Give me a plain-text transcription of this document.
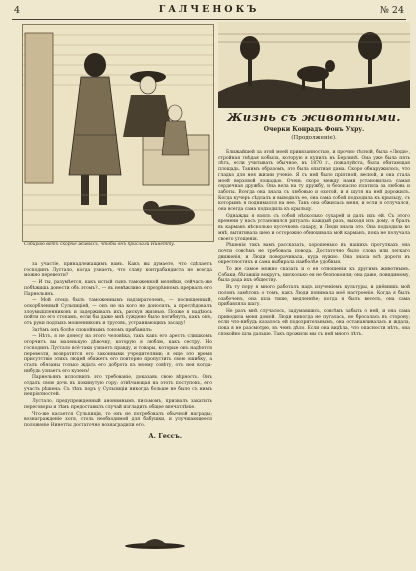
4	ГАЛЧЕНОКЪ	№ 24
Собираю вотъ скорѣе живыхъ, чтобы онъ прислали Нинетту.

за участіе, принадлежащимъ вамъ. Какъ вы думаете, что сдѣлаетъ господинъ Лустало, когда узнаетъ, что славу контрабандиста не всегда можно перевезти?

— И ты, разумѣется, какъ истый сынъ таможенной мелейки, сейчасъ-же побѣжишь донести объ этомъ?.. — въ невѣжливо и презрѣнномъ прервалъ его Парнельянъ.

— Мой отецъ былъ таможеннымъ надзирателемъ, — посвященный, оскорбленный Сульпиціей, — онъ не на кого не доносилъ, а преслѣдовалъ злоумышленниковъ и задерживалъ ихъ, рискуя жизнью. Позже я надѣюсь пойти по его стопамъ, если бы даже мнѣ суждено было погибнуть, какъ онъ, отъ руки подлыхъ мошенниковъ и трусовъ, устраивающихъ засаду!

Затѣмъ онъ болѣе спокойнымъ тономъ прибавилъ:

— Нѣтъ, я не донесу на этого человѣка, такъ какъ его арестъ слишкомъ огорчитъ вы маленькую дѣвочку, которую я люблю, какъ сестру. Но господинъ Лустало всё-таки узнаетъ правду, и товары, которые онъ надѣется перевезти, возвратятся его законными учредителями; я еще это время присутствіе этихъ людей обяжетъ его повторно пропустить свою ошибку, а сталъ обязаны только ждать его доброта къ моему совѣту, отъ нея когда-нибудь узнаетъ его кузенъ!

Парнельянъ исполнилъ это требованіе, доказавъ свою вѣрность. Онъ отдалъ свою дочь въ покинутую гору: отвѣчающая на этотъ поступокъ, его участь рѣшена. Съ тѣхъ поръ у Сульпиціи никогда больше не было съ нимъ непріятностей.

Лустало, предупрежденный анонимнымъ письмомъ, призвалъ закатить переговоры и тѣмъ предоставилъ случай изгладить общее впечатлѣніе.

Что-же касается Сульпиціи, то онъ не потребовалъ обычной награды; вознагражденіе хотя, столь необходимой для бабушки, и улучшающееся положеніе Нинетты достаточно вознаградили его.

А. Гессъ.
Жизнь съ животными.
Очерки Конрадъ Фонъ Ухру.
(Продолженіе).

Ближайшей за этой моей привязанностью, и прочно тѣсной, была «Люди», стройная гнѣдая кобыла, которую я купилъ въ Берлинѣ. Она уже была пять лѣтъ, если учитывать обычное, въ 1870 г., пожалуйста, была обитающая площадь. Такимъ образомъ, это была опытная дама. Скоро обнаружилось, что гладко для нея жизни ученіе. Я съ ней было пріятной, весной, и она стала моей верховой лошадью. Очень скоро между нами установилась самая сердечная дружба. Она вела на ту дружбу, и безопасно платила за любовь и заботы. Всегда она знала съ любовью и охотой, и я шутя на ней дорожилъ. Когда кучеръ сѣдлалъ и выводилъ ее, она сама собой подходила къ крыльцу, съ которымъ я поднимался на нее. Такъ она обжилась меня, и если я отлучался, она всегда сама подходила къ крыльцу.

Однажды я взялъ съ собой нѣсколько сухарей и далъ ихъ ей. Съ этого времени у насъ установился ритуалъ: каждый разъ, выходя изъ дому, я бралъ въ карманъ нѣсколько кусочковъ сахару, и Люди знала это. Она подходила ко мнѣ, вытягивала шею и осторожно обнюхивала мой карманъ, пока не получала своего угощенія.

Рѣшенія такъ вамъ рассказать, хорошенько въ нашихъ прогулкахъ она почти совсѣмъ не требовала повода. Достаточно было слова или легкаго движенія, и Люди поворачивала, куда нужно. Она знала всѣ дороги въ окрестностяхъ и сама выбирала наиболѣе удобныя.

То же самое можно сказать и о ея отношеніи къ другимъ животнымъ. Собаки, бѣгавшія вокругъ, нисколько ея не безпокоили; она даже, повидимому, была рада ихъ обществу.

Въ ту пору я много работалъ надъ изученіемъ культуры, и днёвникъ мой полонъ замѣтокъ о томъ, какъ Люди понимала моё настроеніе. Когда я былъ озабоченъ, она шла тише, медленнѣе; когда я былъ веселъ, она сама прибавляла шагу.

Не разъ мнѣ случалось, задумавшись, совсѣмъ забыть о ней, и она сама приводила меня домой. Люди никогда не пугалась, не бросалась въ сторону; если что-нибудь казалось ей подозрительнымъ, она останавливалась и ждала, пока я не разсмотрю, въ чемъ дѣло. Если она видѣла, что опасности нѣтъ, она спокойно шла дальше. Такъ прожили мы съ ней много лѣтъ.
